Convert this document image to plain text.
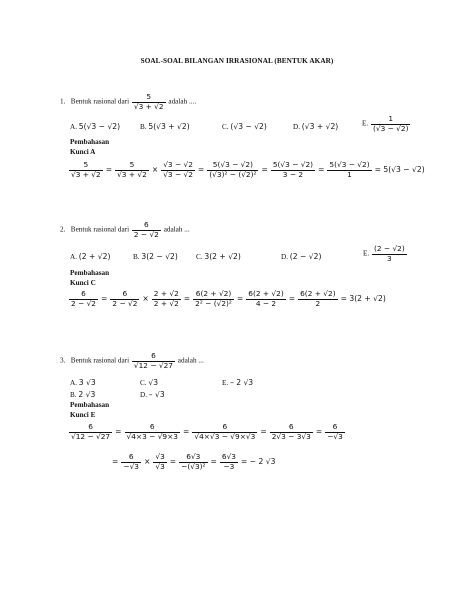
SOAL-SOAL BILANGAN IRRASIONAL (BENTUK AKAR)
1. Bentuk rasional dari $\frac{5}{√3 + √2}$ adalah ....
A. 5(√3 − √2)	B. 5(√3 + √2)	C. (√3 − √2)	D. (√3 + √2)	E. $\frac{1}{(√3 - √2)}$
Pembahasan
Kunci A
$\frac{5}{√3 + √2} = \frac{5}{√3 + √2} \times \frac{√3 - √2}{√3 - √2} = \frac{5(√3 - √2)}{\text{(√3)² − (√2)²}} = \frac{5(√3 - √2)}{3 - 2} = \frac{5(√3 - √2)}{1} = 5(√3 - √2)$
2. Bentuk rasional dari $\frac{6}{2 - √2}$ adalah ...
A. (2 + √2)	B. 3(2 − √2)	C. 3(2 + √2)	D. (2 − √2)	E. $\frac{(2 - √2)}{3}$
Pembahasan
Kunci C
$\frac{6}{2 - √2} = \frac{6}{2 - √2} \times \frac{2 + √2}{2 + √2} = \frac{6(2 + √2)}{\text{2² − (√2)²}} = \frac{6(2 + √2)}{4 - 2} = \frac{6(2 + √2)}{2} = 3(2 + √2)$
3. Bentuk rasional dari $\frac{6}{√12 - √27}$ adalah ...
A. 3 √3	C. √3	E. – 2 √3
B. 2 √3	D. – √3
Pembahasan
Kunci E
$\frac{6}{√12 - √27} = \frac{6}{√4\times 3 - √9\times 3} = \frac{6}{√4\times√3 - √9\times√3} = \frac{6}{2√3 - 3√3} = \frac{6}{-√3}$
= $\frac{6}{-√3} \times \frac{√3}{√3} = \frac{6√3}{\text{−(√3)²}} = \frac{6√3}{-3}$ = − 2 √3
